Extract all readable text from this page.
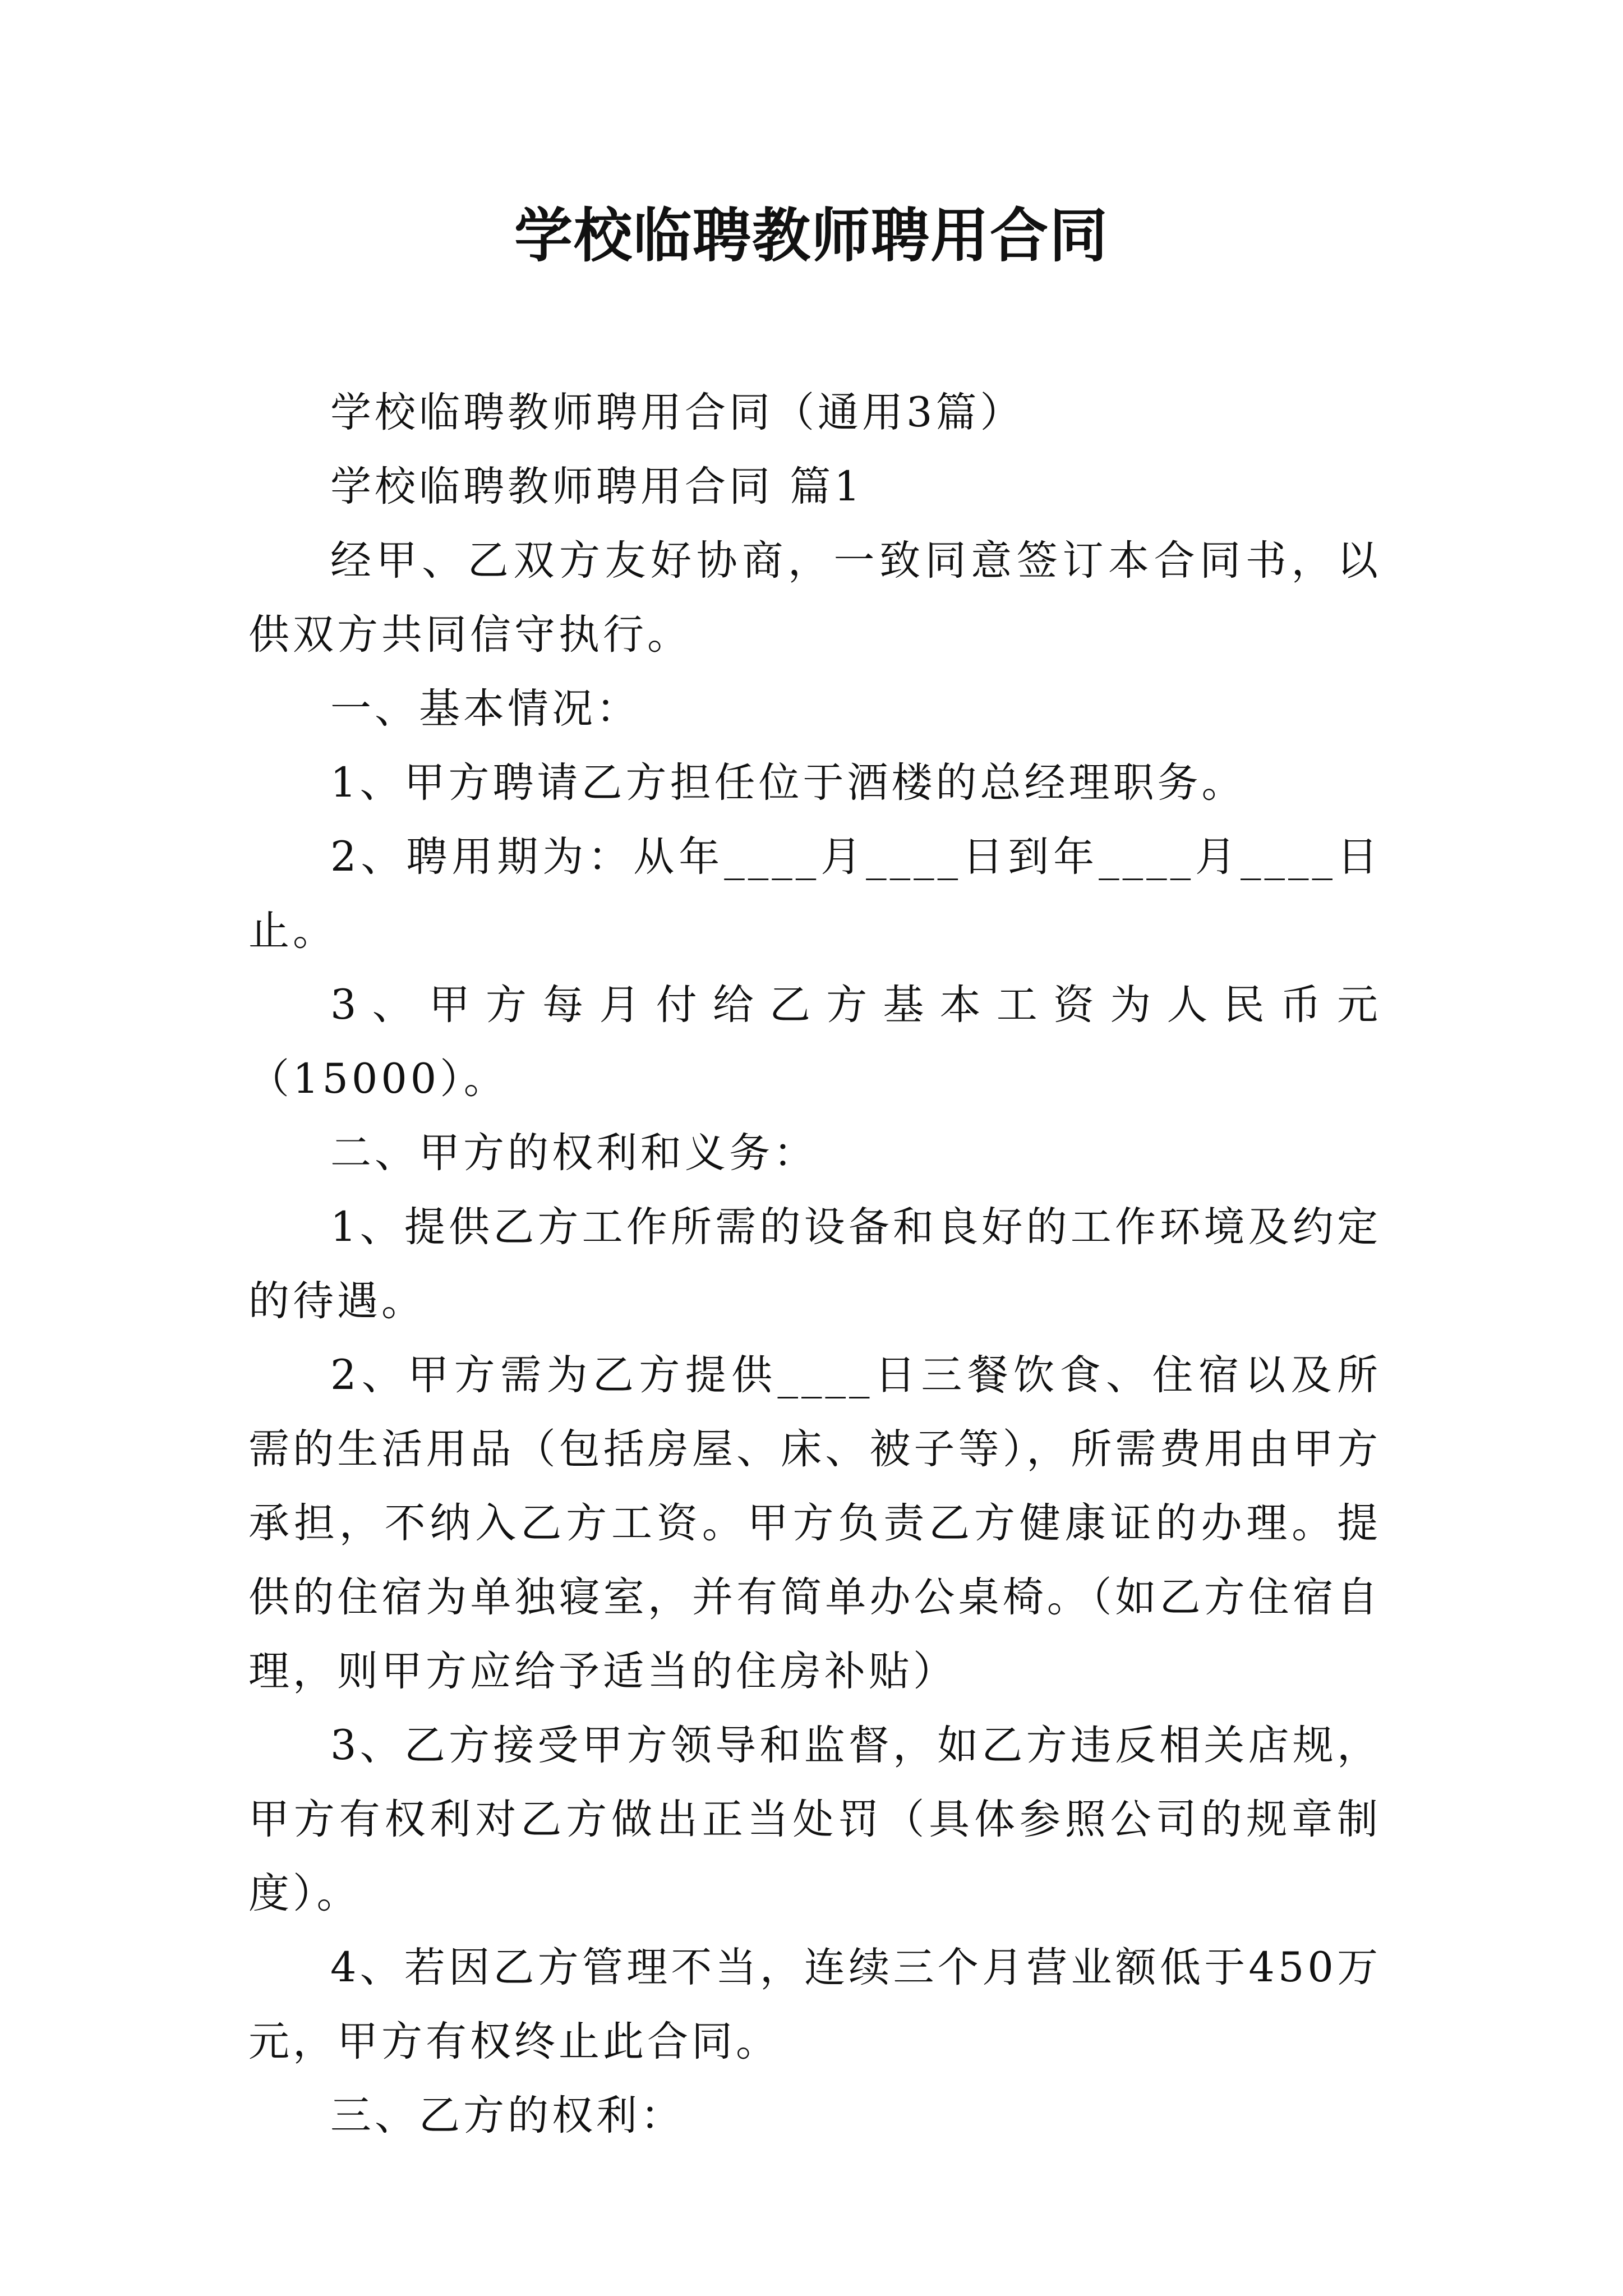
学校临聘教师聘用合同

学校临聘教师聘用合同（通用3篇）

学校临聘教师聘用合同 篇1

经甲、乙双方友好协商，一致同意签订本合同书，以供双方共同信守执行。

一、基本情况：

1、甲方聘请乙方担任位于酒楼的总经理职务。

2、聘用期为：从年____月____日到年____月____日止。

3、甲方每月付给乙方基本工资为人民币元（15000）。

二、甲方的权利和义务：

1、提供乙方工作所需的设备和良好的工作环境及约定的待遇。

2、甲方需为乙方提供____日三餐饮食、住宿以及所需的生活用品（包括房屋、床、被子等），所需费用由甲方承担，不纳入乙方工资。甲方负责乙方健康证的办理。提供的住宿为单独寝室，并有简单办公桌椅。（如乙方住宿自理，则甲方应给予适当的住房补贴）

3、乙方接受甲方领导和监督，如乙方违反相关店规，甲方有权利对乙方做出正当处罚（具体参照公司的规章制度）。

4、若因乙方管理不当，连续三个月营业额低于450万元，甲方有权终止此合同。

三、乙方的权利：
